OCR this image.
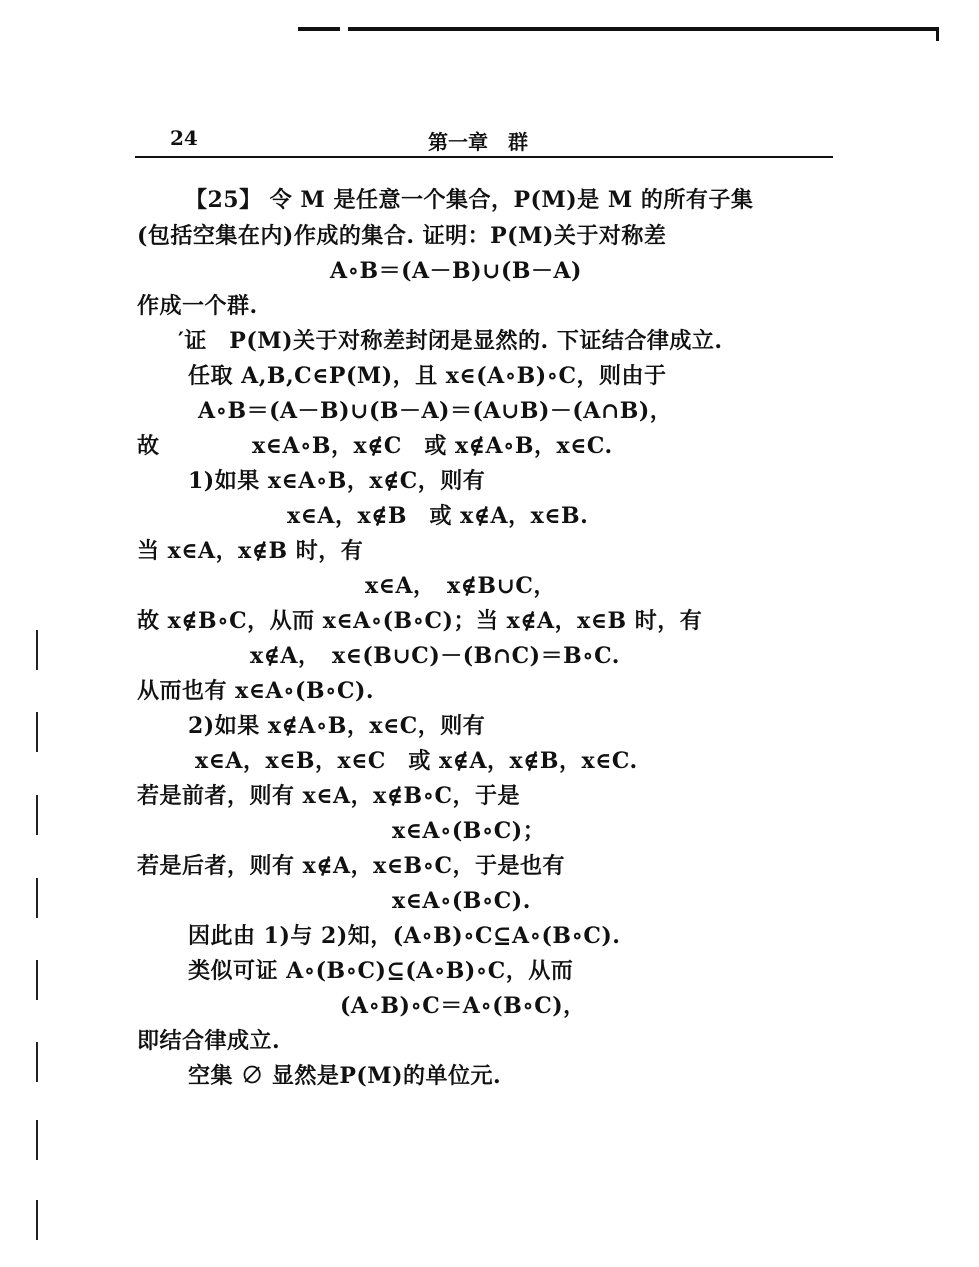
24	第一章　群
【25】 令 M 是任意一个集合，P(M)是 M 的所有子集
(包括空集在内)作成的集合. 证明：P(M)关于对称差
A∘B＝(A－B)∪(B－A)
作成一个群.
′证　P(M)关于对称差封闭是显然的. 下证结合律成立.
任取 A,B,C∈P(M)，且 x∈(A∘B)∘C，则由于
A∘B＝(A－B)∪(B－A)＝(A∪B)－(A∩B)，
故	x∈A∘B，x∉C　或 x∉A∘B，x∈C.
1)如果 x∈A∘B，x∉C，则有
x∈A，x∉B　或 x∉A，x∈B.
当 x∈A，x∉B 时，有
x∈A，　x∉B∪C，
故 x∉B∘C，从而 x∈A∘(B∘C)；当 x∉A，x∈B 时，有
x∉A，　x∈(B∪C)－(B∩C)＝B∘C.
从而也有 x∈A∘(B∘C).
2)如果 x∉A∘B，x∈C，则有
x∈A，x∈B，x∈C　或 x∉A，x∉B，x∈C.
若是前者，则有 x∈A，x∉B∘C，于是
x∈A∘(B∘C)；
若是后者，则有 x∉A，x∈B∘C，于是也有
x∈A∘(B∘C).
因此由 1)与 2)知，(A∘B)∘C⊆A∘(B∘C).
类似可证 A∘(B∘C)⊆(A∘B)∘C，从而
(A∘B)∘C＝A∘(B∘C)，
即结合律成立.
空集 ∅ 显然是P(M)的单位元.
